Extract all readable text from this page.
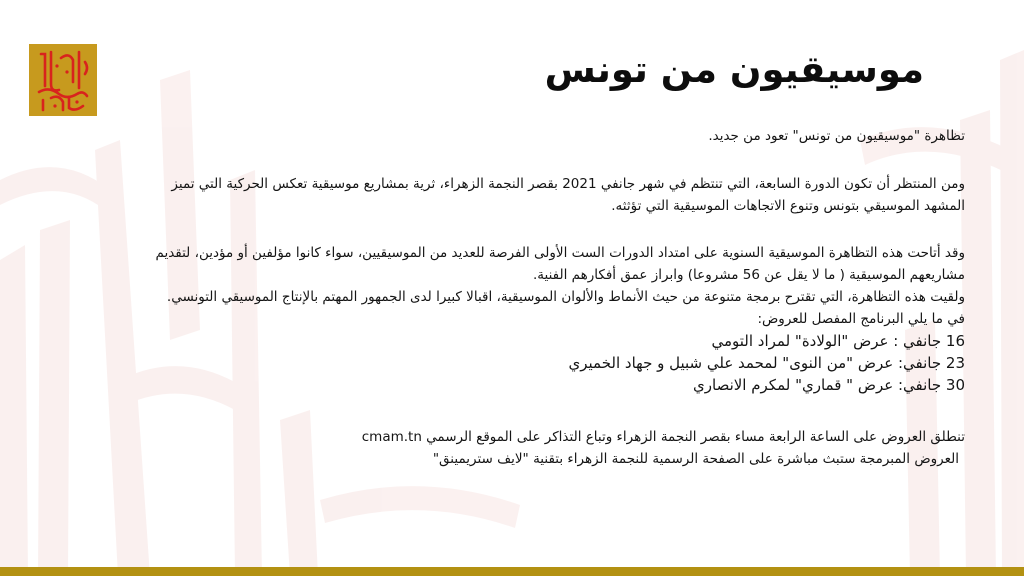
موسيقيون من تونس

تظاهرة "موسيقيون من تونس" تعود من جديد.

ومن المنتظر أن تكون الدورة السابعة، التي تنتظم في شهر جانفي 2021 بقصر النجمة الزهراء، ثرية بمشاريع موسيقية تعكس الحركية التي تميز

المشهد الموسيقي بتونس وتنوع الاتجاهات الموسيقية التي تؤثثه.

وقد أتاحت هذه التظاهرة الموسيقية السنوية على امتداد الدورات الست الأولى الفرصة للعديد من الموسيقيين، سواء كانوا مؤلفين أو مؤدين، لتقديم

مشاريعهم الموسيقية ( ما لا يقل عن 56 مشروعا) وابراز عمق أفكارهم الفنية.

ولقيت هذه التظاهرة، التي تقترح برمجة متنوعة من حيث الأنماط والألوان الموسيقية، اقبالا كبيرا لدى الجمهور المهتم بالإنتاج الموسيقي التونسي.

في ما يلي البرنامج المفصل للعروض:

16 جانفي : عرض "الولادة" لمراد التومي

23 جانفي: عرض "من النوى" لمحمد علي شبيل و جهاد الخميري

30 جانفي: عرض " قماري" لمكرم الانصاري

تنطلق العروض على الساعة الرابعة مساء بقصر النجمة الزهراء وتباع التذاكر على الموقع الرسمي cmam.tn

العروض المبرمجة ستبث مباشرة على الصفحة الرسمية للنجمة الزهراء بتقنية "لايف ستريمينق"
